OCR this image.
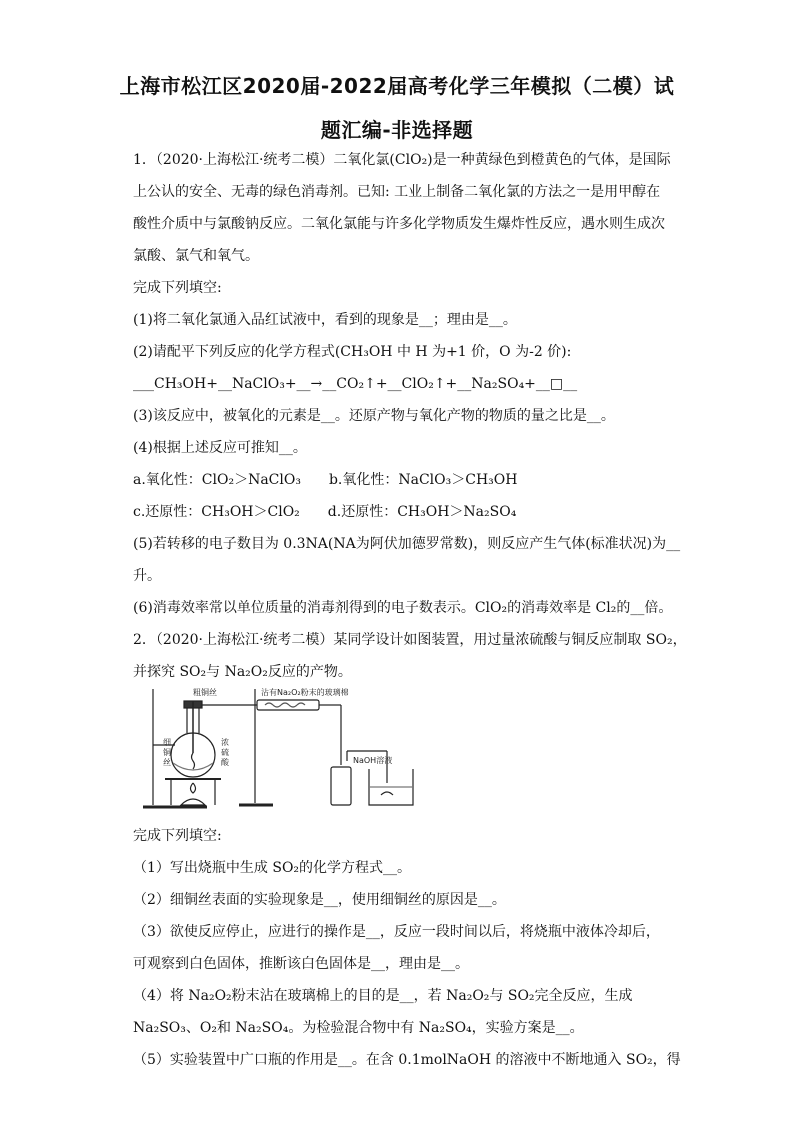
上海市松江区2020届-2022届高考化学三年模拟（二模）试
题汇编-非选择题
1．（2020·上海松江·统考二模）二氧化氯(ClO₂)是一种黄绿色到橙黄色的气体，是国际
上公认的安全、无毒的绿色消毒剂。已知: 工业上制备二氧化氯的方法之一是用甲醇在
酸性介质中与氯酸钠反应。二氧化氯能与许多化学物质发生爆炸性反应，遇水则生成次
氯酸、氯气和氧气。
完成下列填空:
(1)将二氧化氯通入品红试液中，看到的现象是__；理由是__。
(2)请配平下列反应的化学方程式(CH₃OH 中 H 为+1 价，O 为-2 价):
___CH₃OH+__NaClO₃+__→__CO₂↑+__ClO₂↑+__Na₂SO₄+__□__
(3)该反应中，被氧化的元素是__。还原产物与氧化产物的物质的量之比是__。
(4)根据上述反应可推知__。
a.氧化性：ClO₂＞NaClO₃　　b.氧化性：NaClO₃＞CH₃OH
c.还原性：CH₃OH＞ClO₂　　d.还原性：CH₃OH＞Na₂SO₄
(5)若转移的电子数目为 0.3NA(NA为阿伏加德罗常数)，则反应产生气体(标准状况)为__
升。
(6)消毒效率常以单位质量的消毒剂得到的电子数表示。ClO₂的消毒效率是 Cl₂的__倍。
2．（2020·上海松江·统考二模）某同学设计如图装置，用过量浓硫酸与铜反应制取 SO₂，
并探究 SO₂与 Na₂O₂反应的产物。
粗铜丝	沾有Na₂O₂粉末的玻璃棉
细
铜
丝
浓
硫
酸	NaOH溶液
完成下列填空:
（1）写出烧瓶中生成 SO₂的化学方程式__。
（2）细铜丝表面的实验现象是__，使用细铜丝的原因是__。
（3）欲使反应停止，应进行的操作是__，反应一段时间以后，将烧瓶中液体冷却后，
可观察到白色固体，推断该白色固体是__，理由是__。
（4）将 Na₂O₂粉末沾在玻璃棉上的目的是__，若 Na₂O₂与 SO₂完全反应，生成
Na₂SO₃、O₂和 Na₂SO₄。为检验混合物中有 Na₂SO₄，实验方案是__。
（5）实验装置中广口瓶的作用是__。在含 0.1molNaOH 的溶液中不断地通入 SO₂，得
